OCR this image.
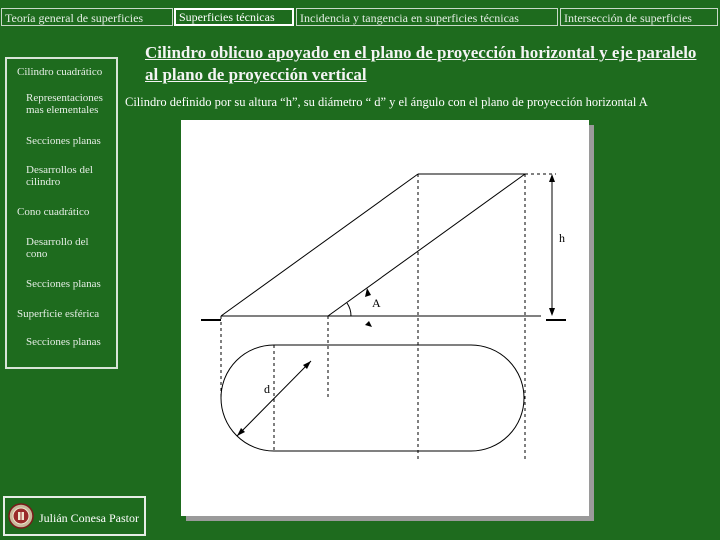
Teoría general de superficies	Superficies técnicas	Incidencia y tangencia en superficies técnicas	Intersección de superficies
Cilindro cuadrático
Representaciones mas elementales
Secciones planas
Desarrollos del cilindro
Cono cuadrático
Desarrollo del cono
Secciones planas
Superficie esférica
Secciones planas
Cilindro oblicuo apoyado en el plano de proyección horizontal y eje paralelo al plano de proyección vertical
Cilindro definido por su altura “h”, su diámetro “ d” y el ángulo con el plano de proyección horizontal A
h
A
d
Julián Conesa Pastor
